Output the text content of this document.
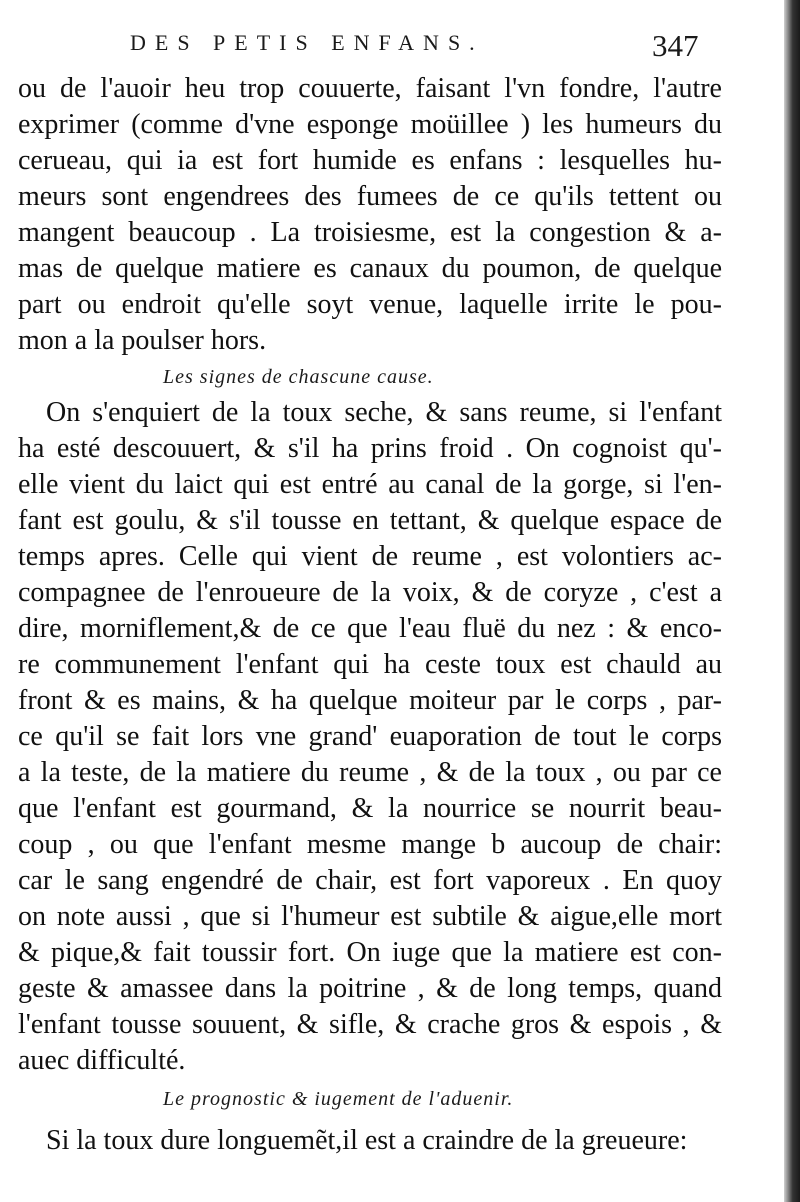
DES PETIS ENFANS.	347
ou de l'auoir heu trop couuerte, faisant l'vn fondre, l'autre
exprimer (comme d'vne esponge moüillee ) les humeurs du
cerueau, qui ia est fort humide es enfans : lesquelles hu-
meurs sont engendrees des fumees de ce qu'ils tettent ou
mangent beaucoup . La troisiesme, est la congestion & a-
mas de quelque matiere es canaux du poumon, de quelque
part ou endroit qu'elle soyt venue, laquelle irrite le pou-
mon a la poulser hors.
Les signes de chascune cause.
On s'enquiert de la toux seche, & sans reume, si l'enfant
ha esté descouuert, & s'il ha prins froid . On cognoist qu'-
elle vient du laict qui est entré au canal de la gorge, si l'en-
fant est goulu, & s'il tousse en tettant, & quelque espace de
temps apres. Celle qui vient de reume , est volontiers ac-
compagnee de l'enroueure de la voix, & de coryze , c'est a
dire, morniflement,& de ce que l'eau fluë du nez : & enco-
re communement l'enfant qui ha ceste toux est chauld au
front & es mains, & ha quelque moiteur par le corps , par-
ce qu'il se fait lors vne grand' euaporation de tout le corps
a la teste, de la matiere du reume , & de la toux , ou par ce
que l'enfant est gourmand, & la nourrice se nourrit beau-
coup , ou que l'enfant mesme mange b aucoup de chair:
car le sang engendré de chair, est fort vaporeux . En quoy
on note aussi , que si l'humeur est subtile & aigue,elle mort
& pique,& fait toussir fort. On iuge que la matiere est con-
geste & amassee dans la poitrine , & de long temps, quand
l'enfant tousse souuent, & sifle, & crache gros & espois , &
auec difficulté.
Le prognostic & iugement de l'aduenir.
Si la toux dure longuemẽt,il est a craindre de la greueure:
